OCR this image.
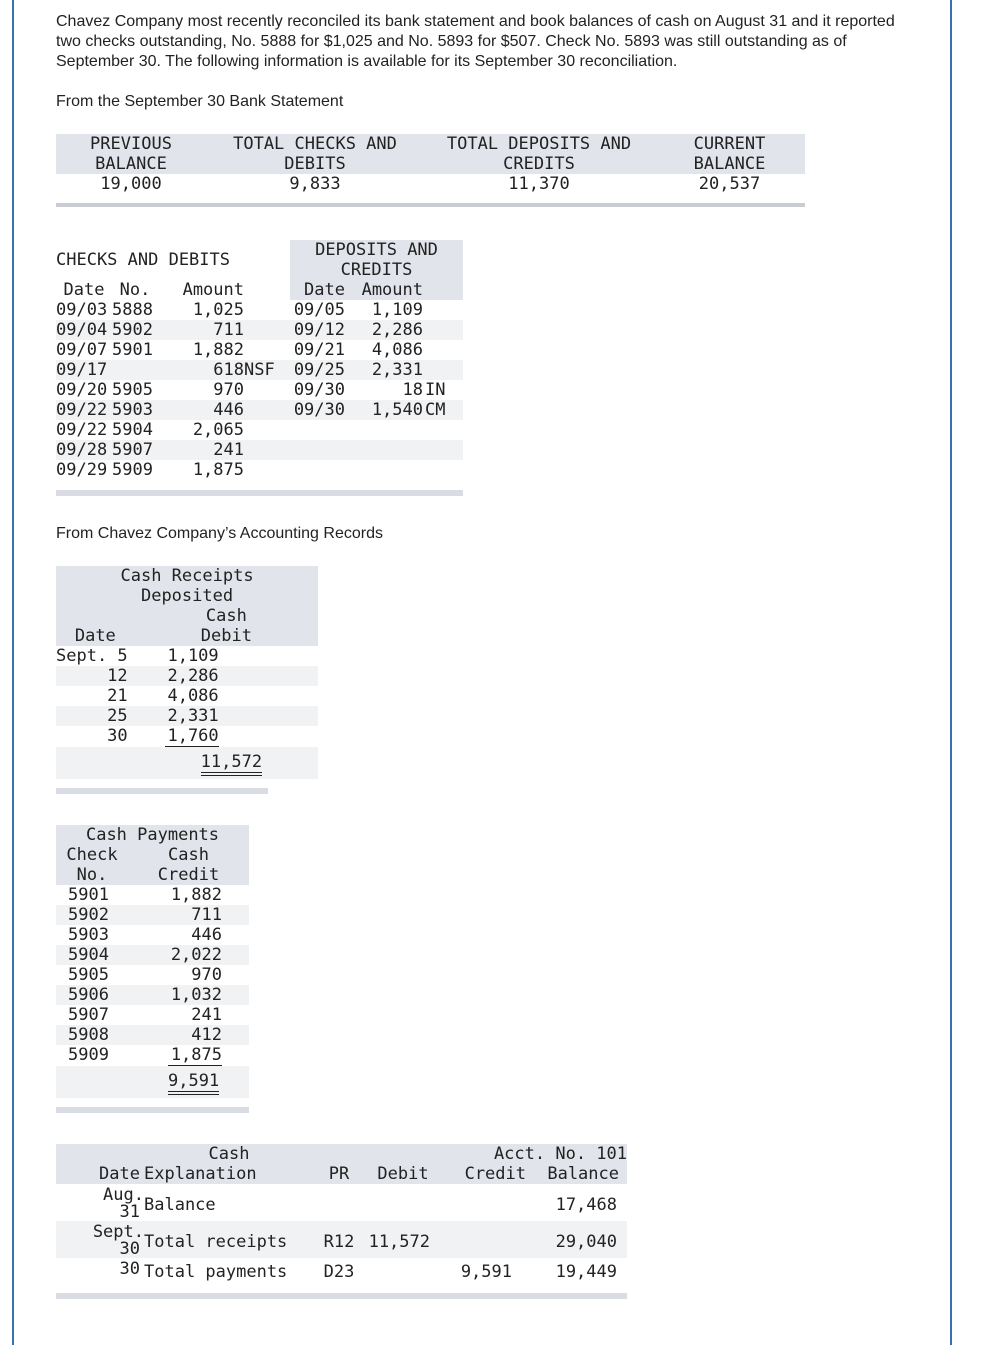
Chavez Company most recently reconciled its bank statement and book balances of cash on August 31 and it reported two checks outstanding, No. 5888 for $1,025 and No. 5893 for $507. Check No. 5893 was still outstanding as of September 30. The following information is available for its September 30 reconciliation.

From the September 30 Bank Statement

PREVIOUS	TOTAL CHECKS AND	TOTAL DEPOSITS AND	CURRENT
BALANCE	DEBITS	CREDITS	BALANCE
19,000	9,833	11,370	20,537
CHECKS AND DEBITS				DEPOSITS AND
CREDITS		
Date	No.	Amount		Date	Amount	
09/03	5888	1,025		09/05	1,109	
09/04	5902	711		09/12	2,286	
09/07	5901	1,882		09/21	4,086	
09/17		618	NSF	09/25	2,331	
09/20	5905	970		09/30	18	IN
09/22	5903	446		09/30	1,540	CM
09/22	5904	2,065				
09/28	5907	241				
09/29	5909	1,875				

From Chavez Company’s Accounting Records

Cash Receipts	
Deposited	
	Cash
Date	Debit
Sept. 5	1,109
12	2,286
21	4,086
25	2,331
30	1,760
	11,572
Cash Payments	
Check	Cash
No.	Credit
5901	1,882
5902	711
5903	446
5904	2,022
5905	970
5906	1,032
5907	241
5908	412
5909	1,875
	9,591
	Cash			Acct. No. 101	
Date	Explanation	PR	Debit	Credit	Balance

Aug.
31	Balance				17,468

Sept.
30	Total receipts	R12	11,572		29,040

30	Total payments	D23		9,591	19,449
